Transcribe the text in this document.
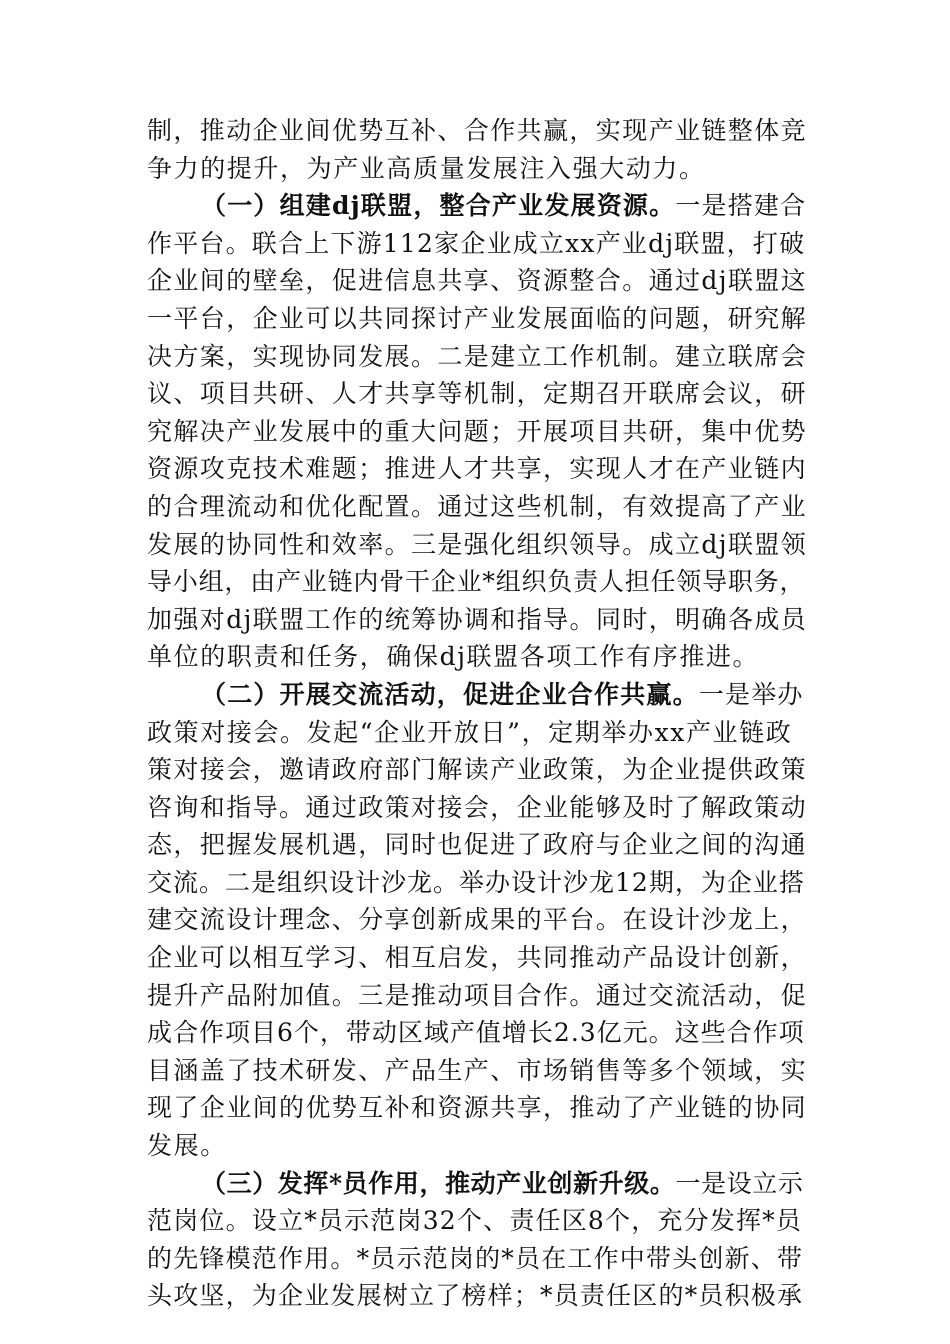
制，推动企业间优势互补、合作共赢，实现产业链整体竞
争力的提升，为产业高质量发展注入强大动力。
（一）组建dj联盟，整合产业发展资源。一是搭建合
作平台。联合上下游112家企业成立xx产业dj联盟，打破
企业间的壁垒，促进信息共享、资源整合。通过dj联盟这
一平台，企业可以共同探讨产业发展面临的问题，研究解
决方案，实现协同发展。二是建立工作机制。建立联席会
议、项目共研、人才共享等机制，定期召开联席会议，研
究解决产业发展中的重大问题；开展项目共研，集中优势
资源攻克技术难题；推进人才共享，实现人才在产业链内
的合理流动和优化配置。通过这些机制，有效提高了产业
发展的协同性和效率。三是强化组织领导。成立dj联盟领
导小组，由产业链内骨干企业*组织负责人担任领导职务，
加强对dj联盟工作的统筹协调和指导。同时，明确各成员
单位的职责和任务，确保dj联盟各项工作有序推进。
（二）开展交流活动，促进企业合作共赢。一是举办
政策对接会。发起“企业开放日”，定期举办xx产业链政
策对接会，邀请政府部门解读产业政策，为企业提供政策
咨询和指导。通过政策对接会，企业能够及时了解政策动
态，把握发展机遇，同时也促进了政府与企业之间的沟通
交流。二是组织设计沙龙。举办设计沙龙12期，为企业搭
建交流设计理念、分享创新成果的平台。在设计沙龙上，
企业可以相互学习、相互启发，共同推动产品设计创新，
提升产品附加值。三是推动项目合作。通过交流活动，促
成合作项目6个，带动区域产值增长2.3亿元。这些合作项
目涵盖了技术研发、产品生产、市场销售等多个领域，实
现了企业间的优势互补和资源共享，推动了产业链的协同
发展。
（三）发挥*员作用，推动产业创新升级。一是设立示
范岗位。设立*员示范岗32个、责任区8个，充分发挥*员
的先锋模范作用。*员示范岗的*员在工作中带头创新、带
头攻坚，为企业发展树立了榜样；*员责任区的*员积极承
